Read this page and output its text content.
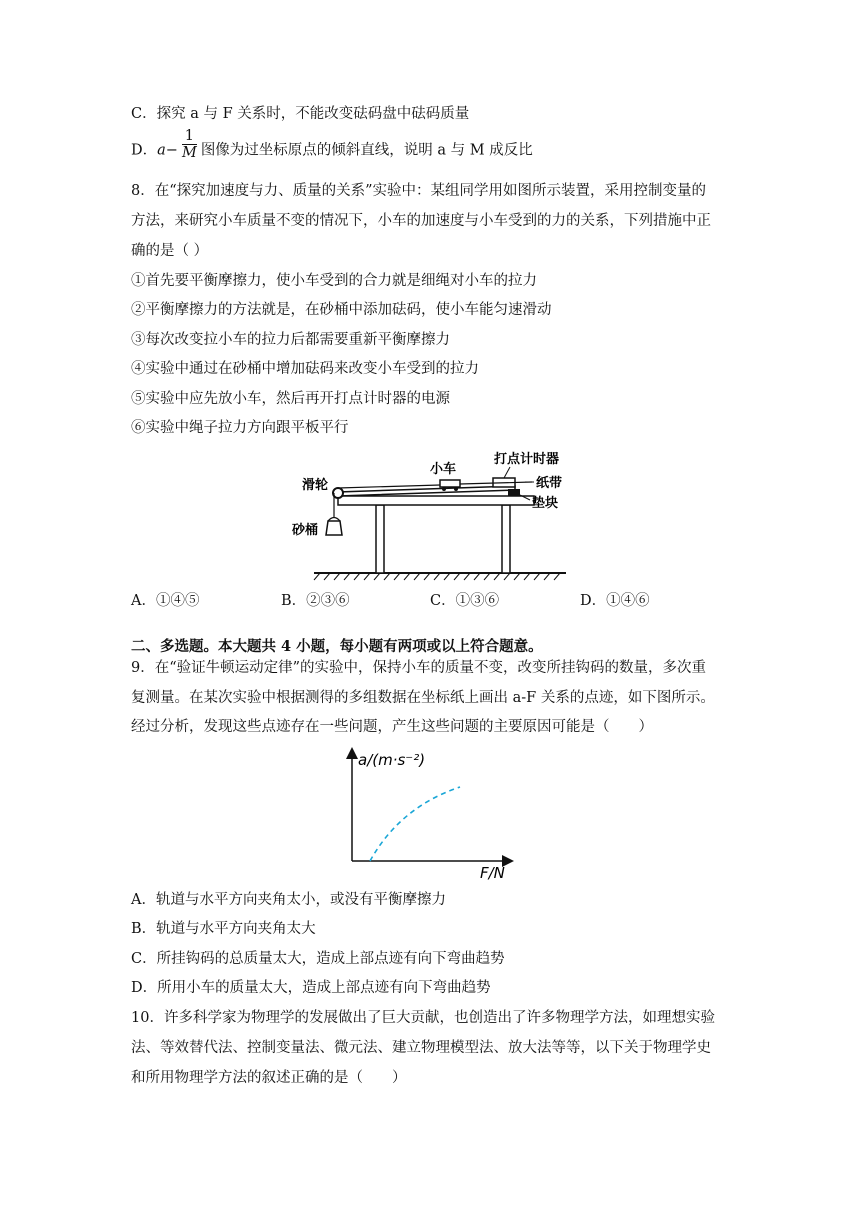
C．探究 a 与 F 关系时，不能改变砝码盘中砝码质量
D．$a- \frac{1}{M}$ 图像为过坐标原点的倾斜直线，说明 a 与 M 成反比
8．在“探究加速度与力、质量的关系”实验中：某组同学用如图所示装置，采用控制变量的
方法，来研究小车质量不变的情况下，小车的加速度与小车受到的力的关系，下列措施中正
确的是（ ）
①首先要平衡摩擦力，使小车受到的合力就是细绳对小车的拉力
②平衡摩擦力的方法就是，在砂桶中添加砝码，使小车能匀速滑动
③每次改变拉小车的拉力后都需要重新平衡摩擦力
④实验中通过在砂桶中增加砝码来改变小车受到的拉力
⑤实验中应先放小车，然后再开打点计时器的电源
⑥实验中绳子拉力方向跟平板平行
滑轮
小车
打点计时器
纸带
垫块
砂桶
A．①④⑤	B．②③⑥	C．①③⑥	D．①④⑥
二、多选题。本大题共 4 小题，每小题有两项或以上符合题意。
9．在“验证牛顿运动定律”的实验中，保持小车的质量不变，改变所挂钩码的数量，多次重
复测量。在某次实验中根据测得的多组数据在坐标纸上画出 a-F 关系的点迹，如下图所示。
经过分析，发现这些点迹存在一些问题，产生这些问题的主要原因可能是（　　）
a/(m·s⁻²)
F/N
A．轨道与水平方向夹角太小，或没有平衡摩擦力
B．轨道与水平方向夹角太大
C．所挂钩码的总质量太大，造成上部点迹有向下弯曲趋势
D．所用小车的质量太大，造成上部点迹有向下弯曲趋势
10．许多科学家为物理学的发展做出了巨大贡献，也创造出了许多物理学方法，如理想实验
法、等效替代法、控制变量法、微元法、建立物理模型法、放大法等等，以下关于物理学史
和所用物理学方法的叙述正确的是（　　）
